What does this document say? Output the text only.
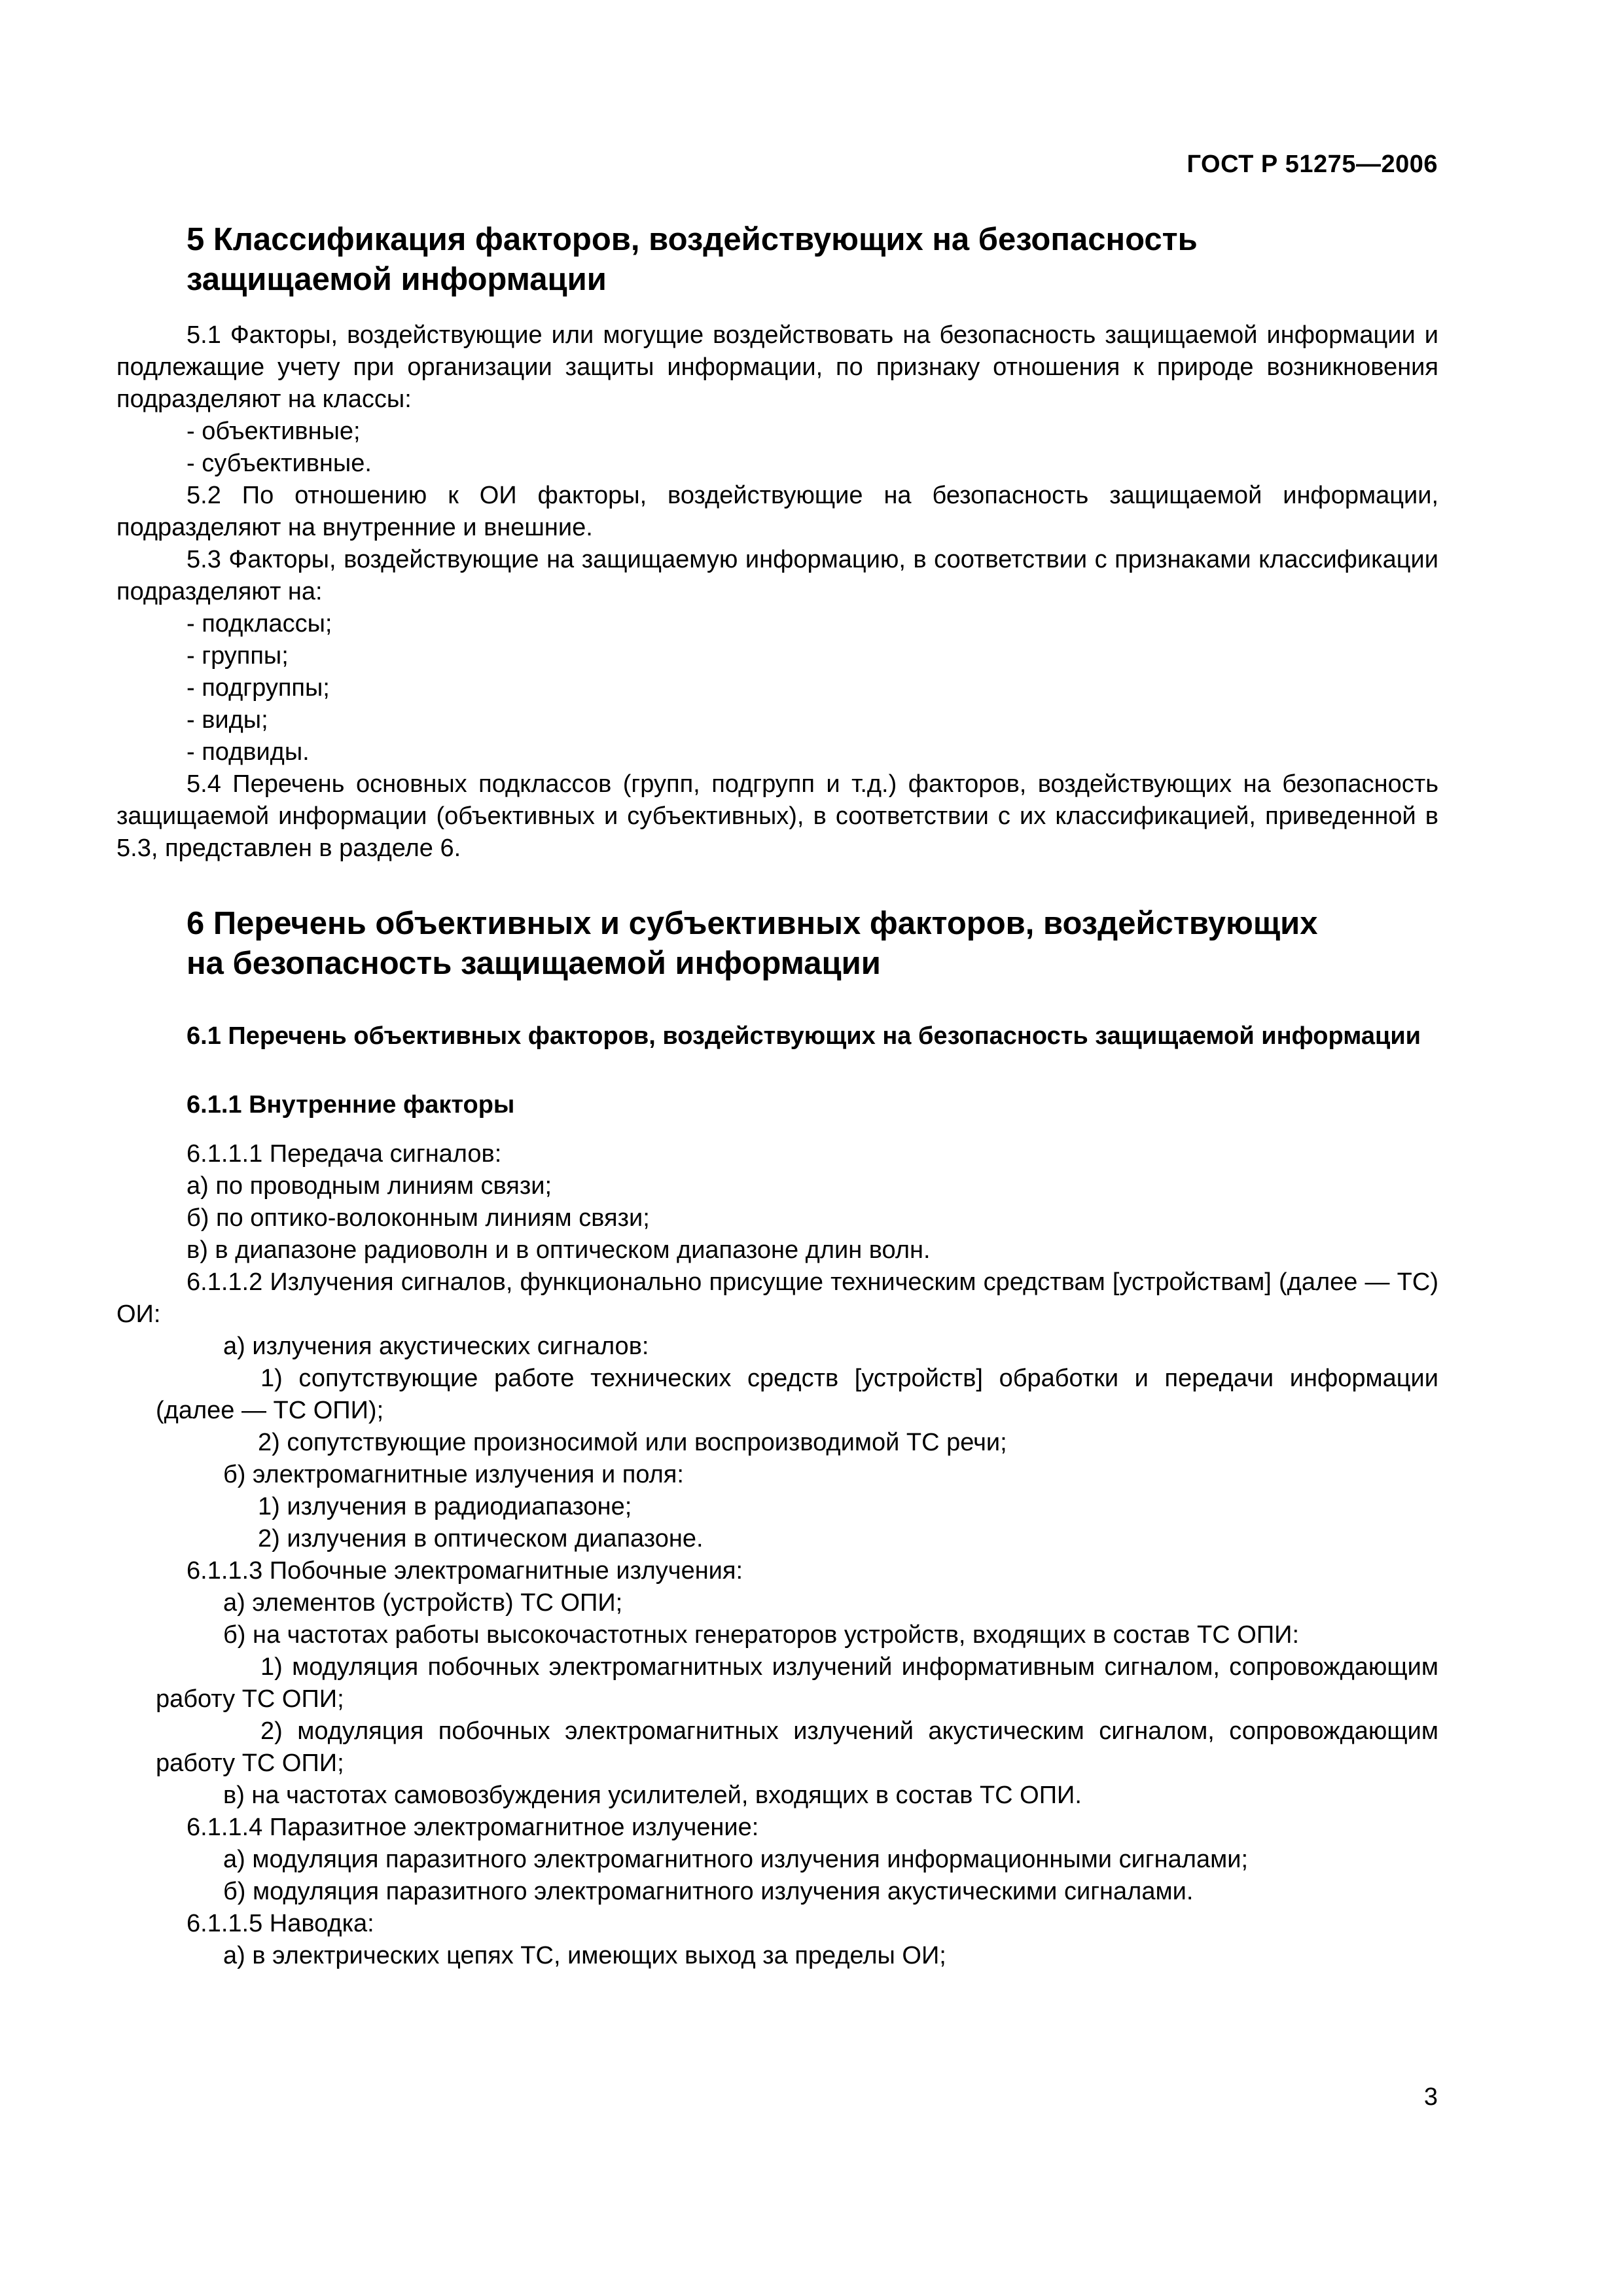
ГОСТ Р 51275—2006
5 Классификация факторов, воздействующих на безопасность
защищаемой информации

5.1 Факторы, воздействующие или могущие воздействовать на безопасность защищаемой информации и подлежащие учету при организации защиты информации, по признаку отношения к природе возникновения подразделяют на классы:

- объективные;

- субъективные.

5.2 По отношению к ОИ факторы, воздействующие на безопасность защищаемой информации, подразделяют на внутренние и внешние.

5.3 Факторы, воздействующие на защищаемую информацию, в соответствии с признаками классификации подразделяют на:

- подклассы;

- группы;

- подгруппы;

- виды;

- подвиды.

5.4 Перечень основных подклассов (групп, подгрупп и т.д.) факторов, воздействующих на безопасность защищаемой информации (объективных и субъективных), в соответствии с их классификацией, приведенной в 5.3, представлен в разделе 6.

6 Перечень объективных и субъективных факторов, воздействующих
на безопасность защищаемой информации
6.1 Перечень объективных факторов, воздействующих на безопасность защищаемой информации
6.1.1 Внутренние факторы

6.1.1.1 Передача сигналов:

а) по проводным линиям связи;

б) по оптико-волоконным линиям связи;

в) в диапазоне радиоволн и в оптическом диапазоне длин волн.

6.1.1.2 Излучения сигналов, функционально присущие техническим средствам [устройствам] (далее — ТС) ОИ:

а) излучения акустических сигналов:

1) сопутствующие работе технических средств [устройств] обработки и передачи информации (далее — ТС ОПИ);

2) сопутствующие произносимой или воспроизводимой ТС речи;

б) электромагнитные излучения и поля:

1) излучения в радиодиапазоне;

2) излучения в оптическом диапазоне.

6.1.1.3 Побочные электромагнитные излучения:

а) элементов (устройств) ТС ОПИ;

б) на частотах работы высокочастотных генераторов устройств, входящих в состав ТС ОПИ:

1) модуляция побочных электромагнитных излучений информативным сигналом, сопровождающим работу ТС ОПИ;

2) модуляция побочных электромагнитных излучений акустическим сигналом, сопровождающим работу ТС ОПИ;

в) на частотах самовозбуждения усилителей, входящих в состав ТС ОПИ.

6.1.1.4 Паразитное электромагнитное излучение:

а) модуляция паразитного электромагнитного излучения информационными сигналами;

б) модуляция паразитного электромагнитного излучения акустическими сигналами.

6.1.1.5 Наводка:

а) в электрических цепях ТС, имеющих выход за пределы ОИ;

3
